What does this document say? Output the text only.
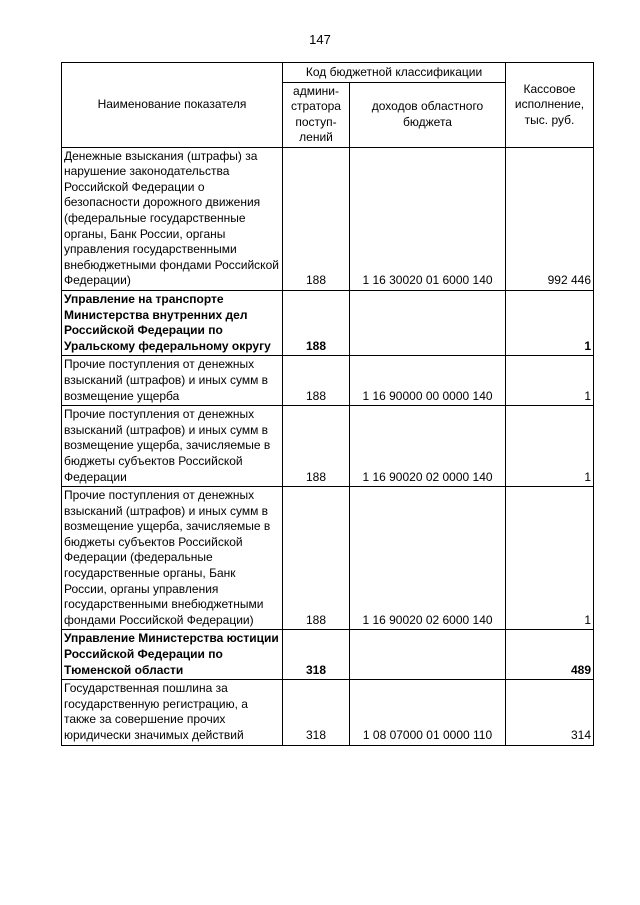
147
Наименование показателя	Код бюджетной классификации		Кассовое исполнение, тыс. руб.
	админи-стратора поступ-лений	доходов областного бюджета	
Денежные взыскания (штрафы) за нарушение законодательства Российской Федерации о безопасности дорожного движения (федеральные государственные органы, Банк России, органы управления государственными внебюджетными фондами Российской Федерации)	188	1 16 30020 01 6000 140	992 446
Управление на транспорте Министерства внутренних дел Российской Федерации по Уральскому федеральному округу	188		1
Прочие поступления от денежных взысканий (штрафов) и иных сумм в возмещение ущерба	188	1 16 90000 00 0000 140	1
Прочие поступления от денежных взысканий (штрафов) и иных сумм в возмещение ущерба, зачисляемые в бюджеты субъектов Российской Федерации	188	1 16 90020 02 0000 140	1
Прочие поступления от денежных взысканий (штрафов) и иных сумм в возмещение ущерба, зачисляемые в бюджеты субъектов Российской Федерации (федеральные государственные органы, Банк России, органы управления государственными внебюджетными фондами Российской Федерации)	188	1 16 90020 02 6000 140	1
Управление Министерства юстиции Российской Федерации по Тюменской области	318		489
Государственная пошлина за государственную регистрацию, а также за совершение прочих юридически значимых действий	318	1 08 07000 01 0000 110	314
